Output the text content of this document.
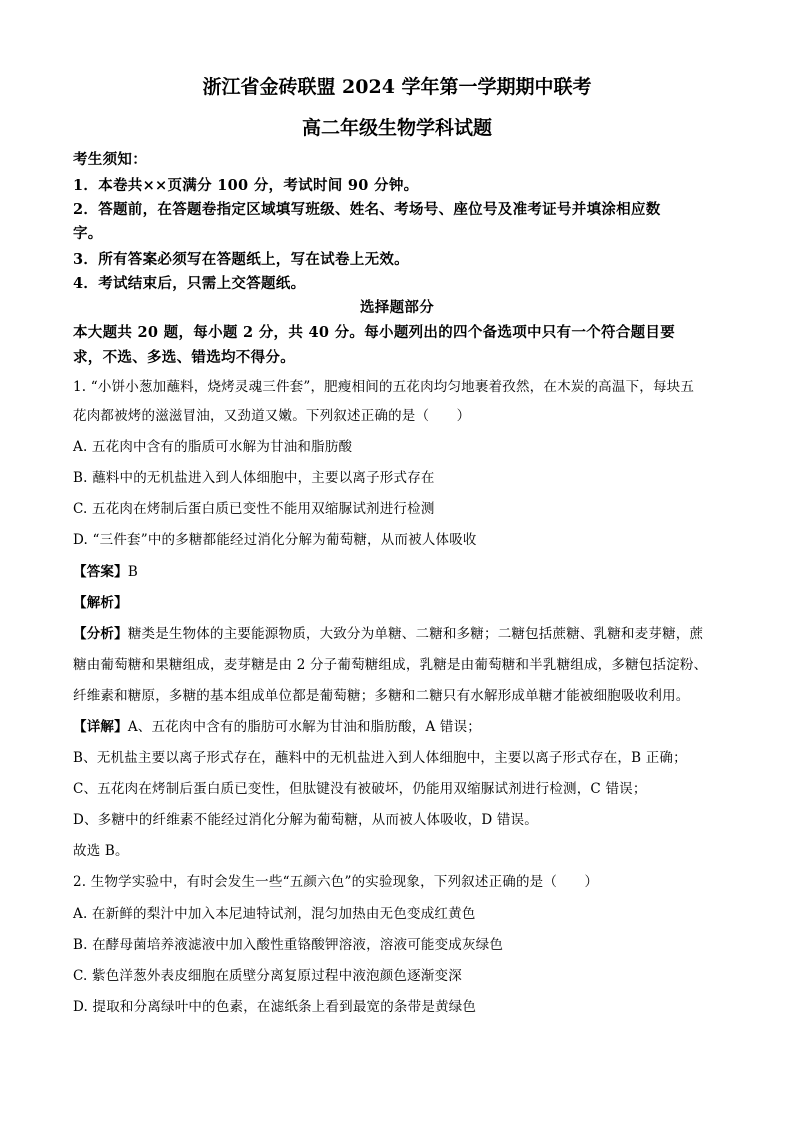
浙江省金砖联盟 2024 学年第一学期期中联考
高二年级生物学科试题
考生须知：
1．本卷共××页满分 100 分，考试时间 90 分钟。
2．答题前，在答题卷指定区域填写班级、姓名、考场号、座位号及准考证号并填涂相应数
字。
3．所有答案必须写在答题纸上，写在试卷上无效。
4．考试结束后，只需上交答题纸。
选择题部分
本大题共 20 题，每小题 2 分，共 40 分。每小题列出的四个备选项中只有一个符合题目要
求，不选、多选、错选均不得分。
1. “小饼小葱加蘸料，烧烤灵魂三件套”，肥瘦相间的五花肉均匀地裹着孜然，在木炭的高温下，每块五
花肉都被烤的滋滋冒油，又劲道又嫩。下列叙述正确的是（　　）
A. 五花肉中含有的脂质可水解为甘油和脂肪酸
B. 蘸料中的无机盐进入到人体细胞中，主要以离子形式存在
C. 五花肉在烤制后蛋白质已变性不能用双缩脲试剂进行检测
D. “三件套”中的多糖都能经过消化分解为葡萄糖，从而被人体吸收
【答案】B
【解析】
【分析】糖类是生物体的主要能源物质，大致分为单糖、二糖和多糖；二糖包括蔗糖、乳糖和麦芽糖，蔗
糖由葡萄糖和果糖组成，麦芽糖是由 2 分子葡萄糖组成，乳糖是由葡萄糖和半乳糖组成，多糖包括淀粉、
纤维素和糖原，多糖的基本组成单位都是葡萄糖；多糖和二糖只有水解形成单糖才能被细胞吸收利用。
【详解】A、五花肉中含有的脂肪可水解为甘油和脂肪酸，A 错误；
B、无机盐主要以离子形式存在，蘸料中的无机盐进入到人体细胞中，主要以离子形式存在，B 正确；
C、五花肉在烤制后蛋白质已变性，但肽键没有被破坏，仍能用双缩脲试剂进行检测，C 错误；
D、多糖中的纤维素不能经过消化分解为葡萄糖，从而被人体吸收，D 错误。
故选 B。
2. 生物学实验中，有时会发生一些“五颜六色”的实验现象，下列叙述正确的是（　　）
A. 在新鲜的梨汁中加入本尼迪特试剂，混匀加热由无色变成红黄色
B. 在酵母菌培养液滤液中加入酸性重铬酸钾溶液，溶液可能变成灰绿色
C. 紫色洋葱外表皮细胞在质壁分离复原过程中液泡颜色逐渐变深
D. 提取和分离绿叶中的色素，在滤纸条上看到最宽的条带是黄绿色
